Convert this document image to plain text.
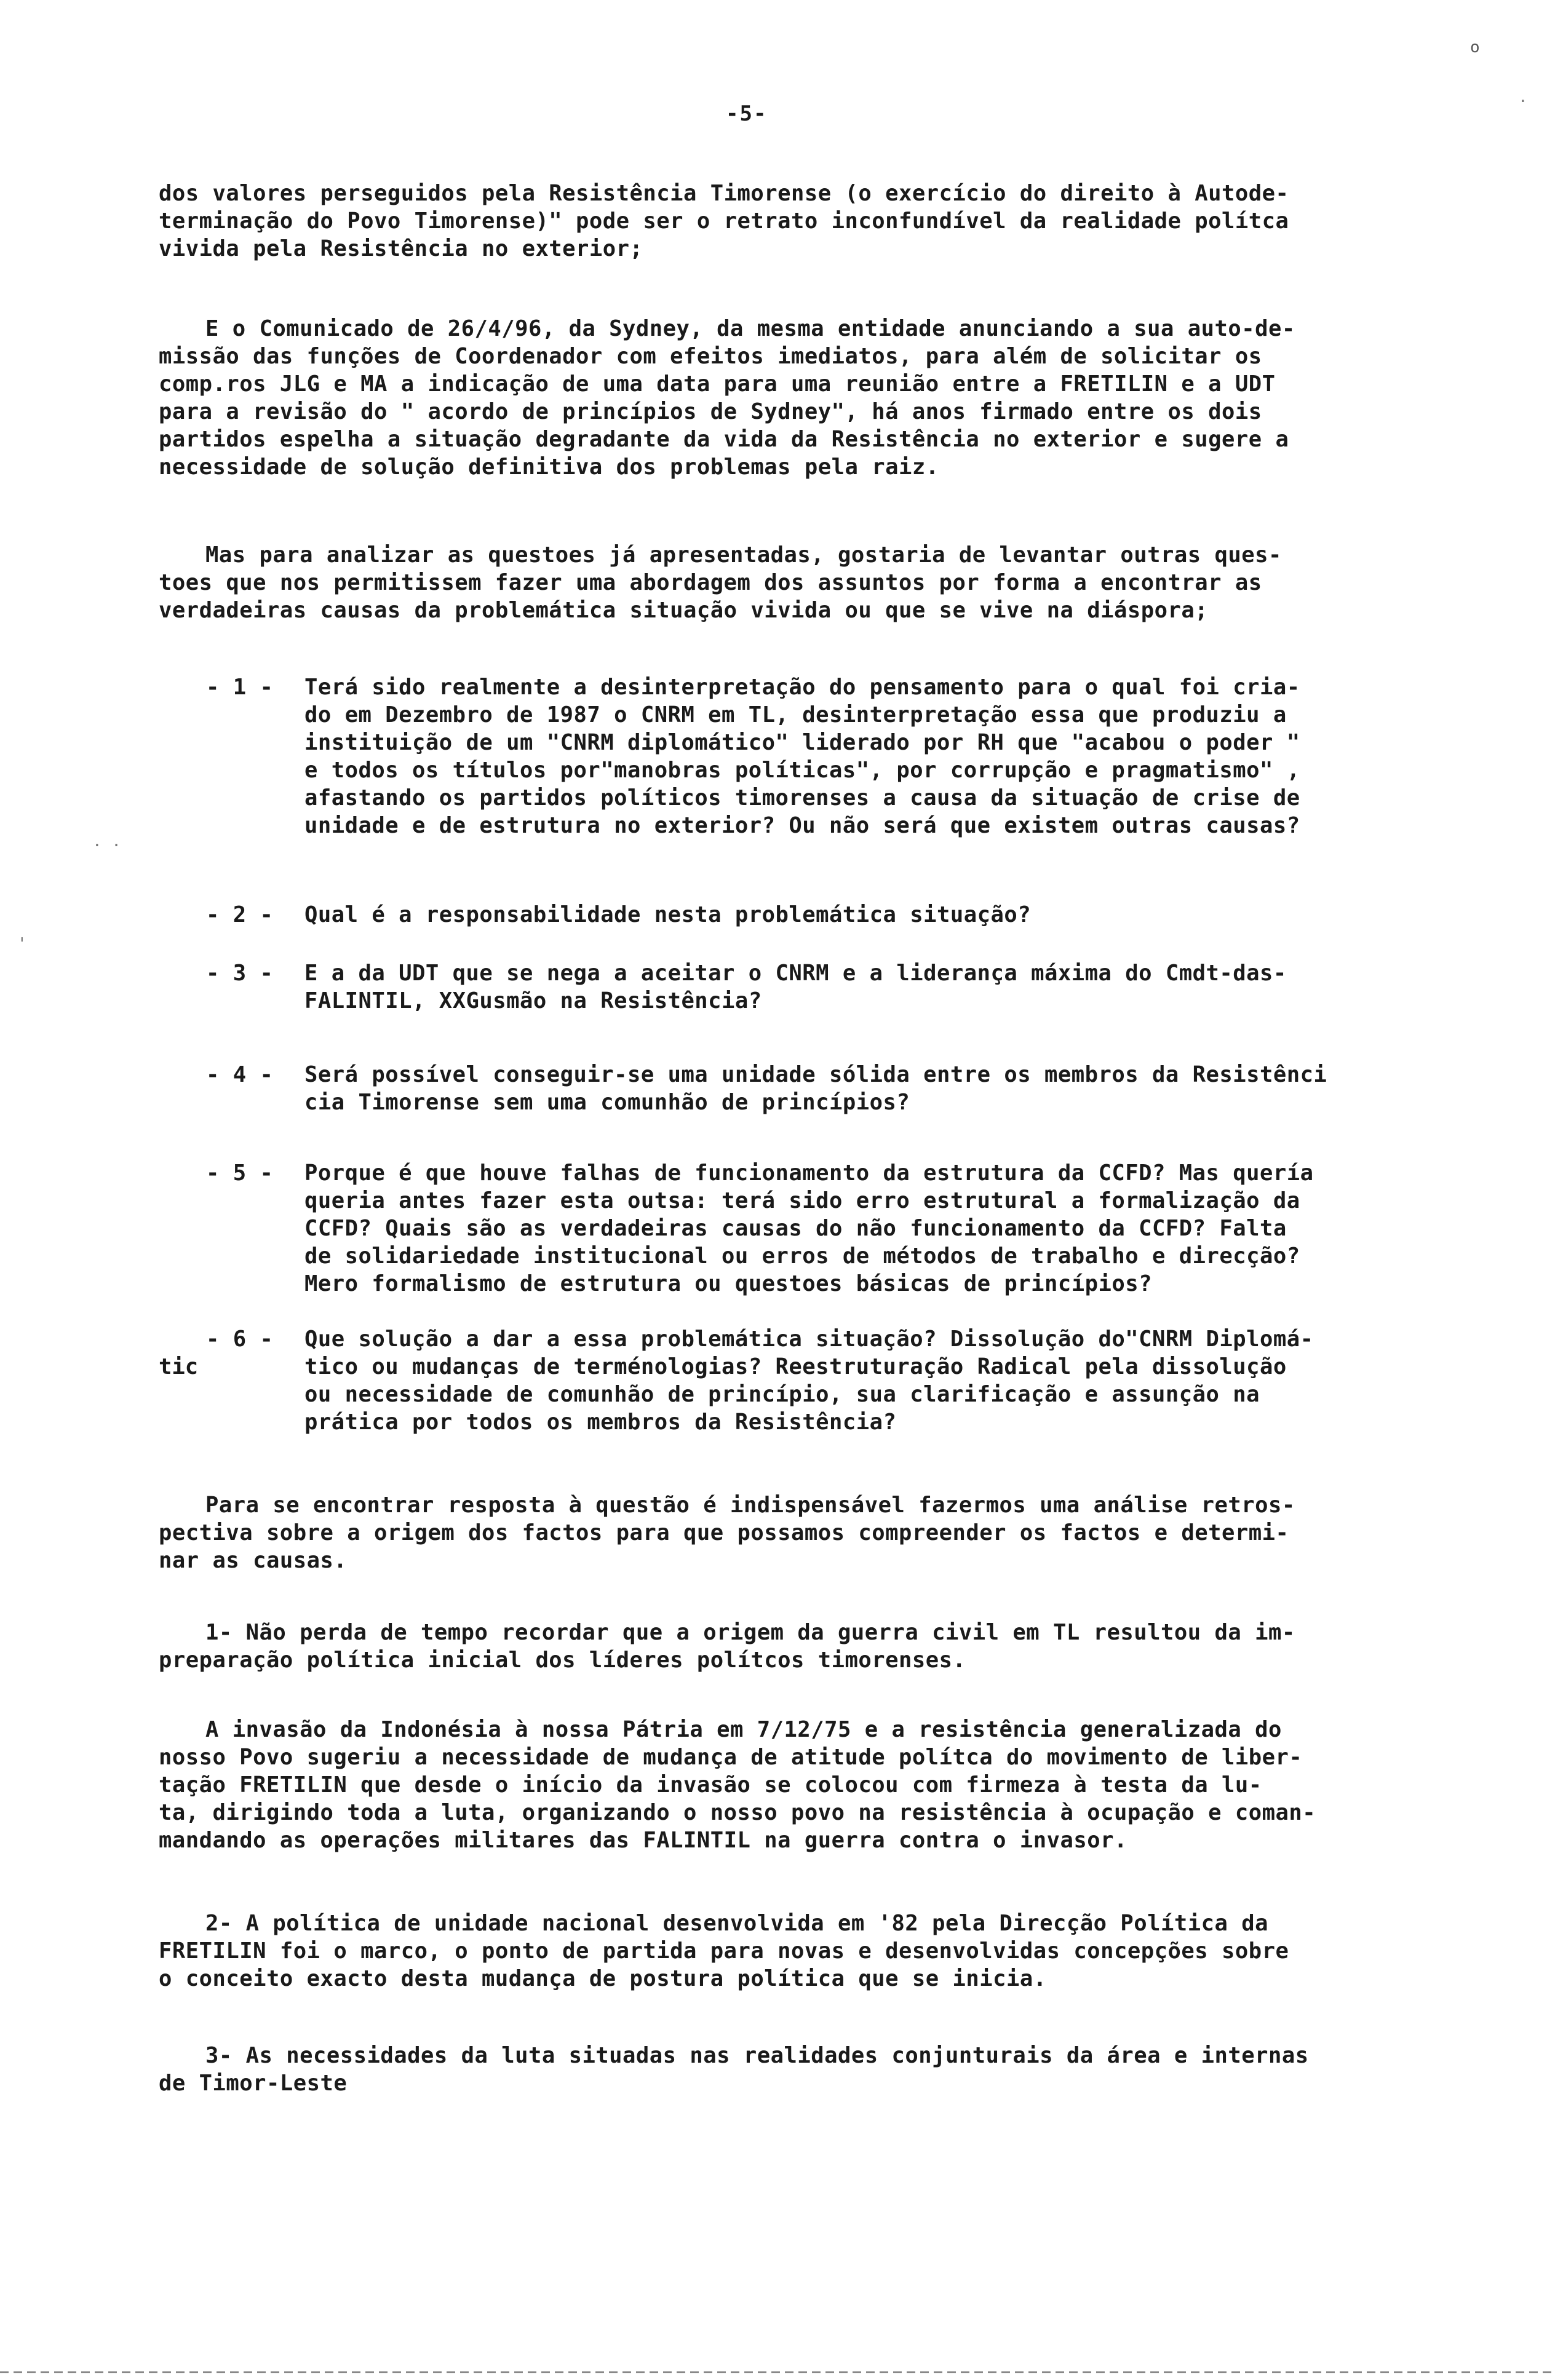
o
-5-
dos valores perseguidos pela Resistência Timorense (o exercício do direito à Autode-
terminação do Povo Timorense)" pode ser o retrato inconfundível da realidade polítca
vivida pela Resistência no exterior;
E o Comunicado de 26/4/96, da Sydney, da mesma entidade anunciando a sua auto-de-
missão das funções de Coordenador com efeitos imediatos, para além de solicitar os
comp.ros JLG e MA a indicação de uma data para uma reunião entre a FRETILIN e a UDT
para a revisão do " acordo de princípios de Sydney", há anos firmado entre os dois
partidos espelha a situação degradante da vida da Resistência no exterior e sugere a
necessidade de solução definitiva dos problemas pela raiz.
Mas para analizar as questoes já apresentadas, gostaria de levantar outras ques-
toes que nos permitissem fazer uma abordagem dos assuntos por forma a encontrar as
verdadeiras causas da problemática situação vivida ou que se vive na diáspora;
- 1 -	Terá sido realmente a desinterpretação do pensamento para o qual foi cria-
do em Dezembro de 1987 o CNRM em TL, desinterpretação essa que produziu a
instituição de um "CNRM diplomático" liderado por RH que "acabou o poder "
e todos os títulos por"manobras políticas", por corrupção e pragmatismo" ,
afastando os partidos políticos timorenses a causa da situação de crise de
unidade e de estrutura no exterior? Ou não será que existem outras causas?
- 2 -	Qual é a responsabilidade nesta problemática situação?
- 3 -	E a da UDT que se nega a aceitar o CNRM e a liderança máxima do Cmdt-das-
FALINTIL, XXGusmão na Resistência?
- 4 -	Será possível conseguir-se uma unidade sólida entre os membros da Resistênci
cia Timorense sem uma comunhão de princípios?
- 5 -	Porque é que houve falhas de funcionamento da estrutura da CCFD? Mas quería
queria antes fazer esta outsa: terá sido erro estrutural a formalização da
CCFD? Quais são as verdadeiras causas do não funcionamento da CCFD? Falta
de solidariedade institucional ou erros de métodos de trabalho e direcção?
Mero formalismo de estrutura ou questoes básicas de princípios?
- 6 -	Que solução a dar a essa problemática situação? Dissolução do"CNRM Diplomá-
tico ou mudanças de terménologias? Reestruturação Radical pela dissolução
ou necessidade de comunhão de princípio, sua clarificação e assunção na
prática por todos os membros da Resistência?
tic
Para se encontrar resposta à questão é indispensável fazermos uma análise retros-
pectiva sobre a origem dos factos para que possamos compreender os factos e determi-
nar as causas.
1- Não perda de tempo recordar que a origem da guerra civil em TL resultou da im-
preparação política inicial dos líderes polítcos timorenses.
A invasão da Indonésia à nossa Pátria em 7/12/75 e a resistência generalizada do
nosso Povo sugeriu a necessidade de mudança de atitude polítca do movimento de liber-
tação FRETILIN que desde o início da invasão se colocou com firmeza à testa da lu-
ta, dirigindo toda a luta, organizando o nosso povo na resistência à ocupação e coman-
mandando as operações militares das FALINTIL na guerra contra o invasor.
2- A política de unidade nacional desenvolvida em '82 pela Direcção Política da
FRETILIN foi o marco, o ponto de partida para novas e desenvolvidas concepções sobre
o conceito exacto desta mudança de postura política que se inicia.
3- As necessidades da luta situadas nas realidades conjunturais da área e internas
de Timor-Leste
· ·
'
·
